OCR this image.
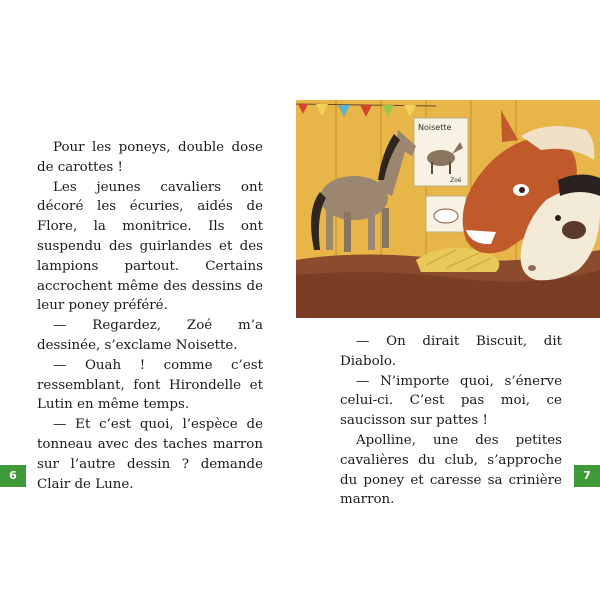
Pour les poneys, double dose de carottes !

Les jeunes cavaliers ont décoré les écuries, aidés de Flore, la monitrice. Ils ont suspendu des guirlandes et des lampions partout. Certains accrochent même des dessins de leur poney préféré.

— Regardez, Zoé m’a dessinée, s’exclame Noisette.

— Ouah ! comme c’est ressemblant, font Hirondelle et Lutin en même temps.

— Et c’est quoi, l’espèce de tonneau avec des taches marron sur l’autre dessin ? demande Clair de Lune.

— On dirait Biscuit, dit Diabolo.

— N’importe quoi, s’énerve celui-ci. C’est pas moi, ce saucisson sur pattes !

Apolline, une des petites cavalières du club, s’approche du poney et caresse sa crinière marron.

6	7
Noisette
Zoé
